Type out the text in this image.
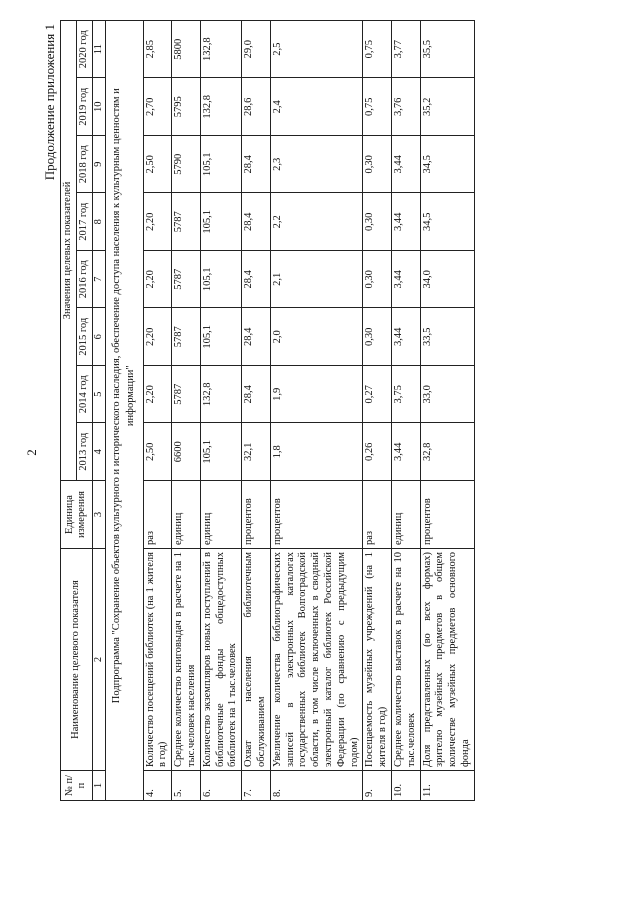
2
Продолжение приложения 1
№ п/п	Наименование целевого показателя	Единица измерения	Значения целевых показателей							
			2013 год	2014 год	2015 год	2016 год	2017 год	2018 год	2019 год	2020 год
1	2	3	4	5	6	7	8	9	10	11
	Подпрограмма "Сохранение объектов культурного и исторического наследия, обеспечение доступа населения к культурным ценностям и информации"									
4.	Количество посещений библиотек (на 1 жителя в год)	раз	2,50	2,20	2,20	2,20	2,20	2,50	2,70	2,85
5.	Среднее количество книговыдач в расчете на 1 тыс.человек населения	единиц	6600	5787	5787	5787	5787	5790	5795	5800
6.	Количество экземпляров новых поступлений в библиотечные фонды общедоступных библиотек на 1 тыс.человек	единиц	105,1	132,8	105,1	105,1	105,1	105,1	132,8	132,8
7.	Охват населения библиотечным обслуживанием	процентов	32,1	28,4	28,4	28,4	28,4	28,4	28,6	29,0
8.	Увеличение количества библиографических записей в электронных каталогах государственных библиотек Волгоградской области, в том числе включенных в сводный электронный каталог библиотек Российской Федерации (по сравнению с предыдущим годом)	процентов	1,8	1,9	2,0	2,1	2,2	2,3	2,4	2,5
9.	Посещаемость музейных учреждений (на 1 жителя в год)	раз	0,26	0,27	0,30	0,30	0,30	0,30	0,75	0,75
10.	Среднее количество выставок в расчете на 10 тыс.человек	единиц	3,44	3,75	3,44	3,44	3,44	3,44	3,76	3,77
11.	Доля представленных (во всех формах) зрителю музейных предметов в общем количестве музейных предметов основного фонда	процентов	32,8	33,0	33,5	34,0	34,5	34,5	35,2	35,5
